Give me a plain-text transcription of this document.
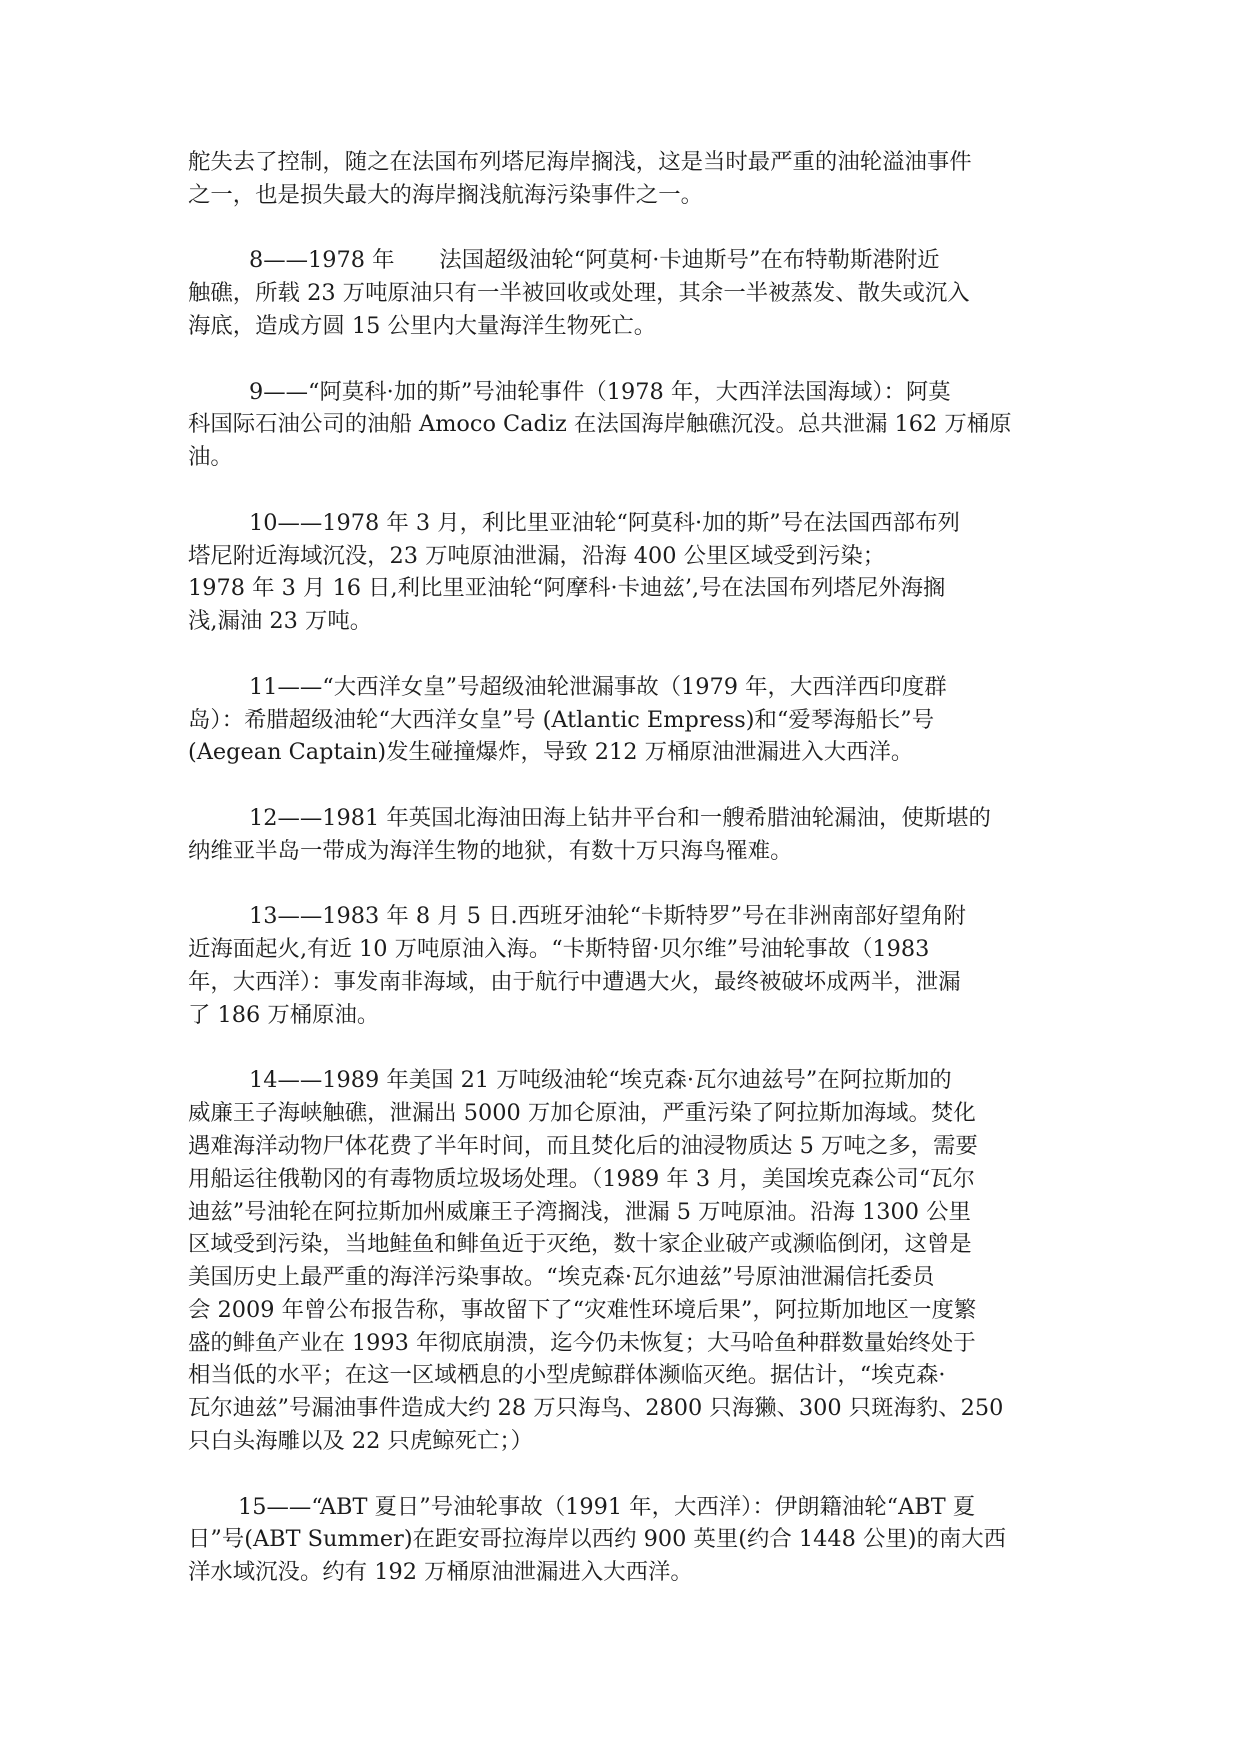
舵失去了控制，随之在法国布列塔尼海岸搁浅，这是当时最严重的油轮溢油事件
之一，也是损失最大的海岸搁浅航海污染事件之一。
8——1978 年　　法国超级油轮“阿莫柯·卡迪斯号”在布特勒斯港附近
触礁，所载 23 万吨原油只有一半被回收或处理，其余一半被蒸发、散失或沉入
海底，造成方圆 15 公里内大量海洋生物死亡。
9——“阿莫科·加的斯”号油轮事件（1978 年，大西洋法国海域）：阿莫
科国际石油公司的油船 Amoco Cadiz 在法国海岸触礁沉没。总共泄漏 162 万桶原
油。
10——1978 年 3 月，利比里亚油轮“阿莫科·加的斯”号在法国西部布列
塔尼附近海域沉没，23 万吨原油泄漏，沿海 400 公里区域受到污染；
1978 年 3 月 16 日,利比里亚油轮“阿摩科·卡迪兹’,号在法国布列塔尼外海搁
浅,漏油 23 万吨。
11——“大西洋女皇”号超级油轮泄漏事故（1979 年，大西洋西印度群
岛）：希腊超级油轮“大西洋女皇”号 (Atlantic Empress)和“爱琴海船长”号
(Aegean Captain)发生碰撞爆炸，导致 212 万桶原油泄漏进入大西洋。
12——1981 年英国北海油田海上钻井平台和一艘希腊油轮漏油，使斯堪的
纳维亚半岛一带成为海洋生物的地狱，有数十万只海鸟罹难。
13——1983 年 8 月 5 日.西班牙油轮“卡斯特罗”号在非洲南部好望角附
近海面起火,有近 10 万吨原油入海。“卡斯特留·贝尔维”号油轮事故（1983
年，大西洋）：事发南非海域，由于航行中遭遇大火，最终被破坏成两半，泄漏
了 186 万桶原油。
14——1989 年美国 21 万吨级油轮“埃克森·瓦尔迪兹号”在阿拉斯加的
威廉王子海峡触礁，泄漏出 5000 万加仑原油，严重污染了阿拉斯加海域。焚化
遇难海洋动物尸体花费了半年时间，而且焚化后的油浸物质达 5 万吨之多，需要
用船运往俄勒冈的有毒物质垃圾场处理。（1989 年 3 月，美国埃克森公司“瓦尔
迪兹”号油轮在阿拉斯加州威廉王子湾搁浅，泄漏 5 万吨原油。沿海 1300 公里
区域受到污染，当地鲑鱼和鲱鱼近于灭绝，数十家企业破产或濒临倒闭，这曾是
美国历史上最严重的海洋污染事故。“埃克森·瓦尔迪兹”号原油泄漏信托委员
会 2009 年曾公布报告称，事故留下了“灾难性环境后果”，阿拉斯加地区一度繁
盛的鲱鱼产业在 1993 年彻底崩溃，迄今仍未恢复；大马哈鱼种群数量始终处于
相当低的水平；在这一区域栖息的小型虎鲸群体濒临灭绝。据估计，“埃克森·
瓦尔迪兹”号漏油事件造成大约 28 万只海鸟、2800 只海獭、300 只斑海豹、250
只白头海雕以及 22 只虎鲸死亡；）
15——“ABT 夏日”号油轮事故（1991 年，大西洋）：伊朗籍油轮“ABT 夏
日”号(ABT Summer)在距安哥拉海岸以西约 900 英里(约合 1448 公里)的南大西
洋水域沉没。约有 192 万桶原油泄漏进入大西洋。
